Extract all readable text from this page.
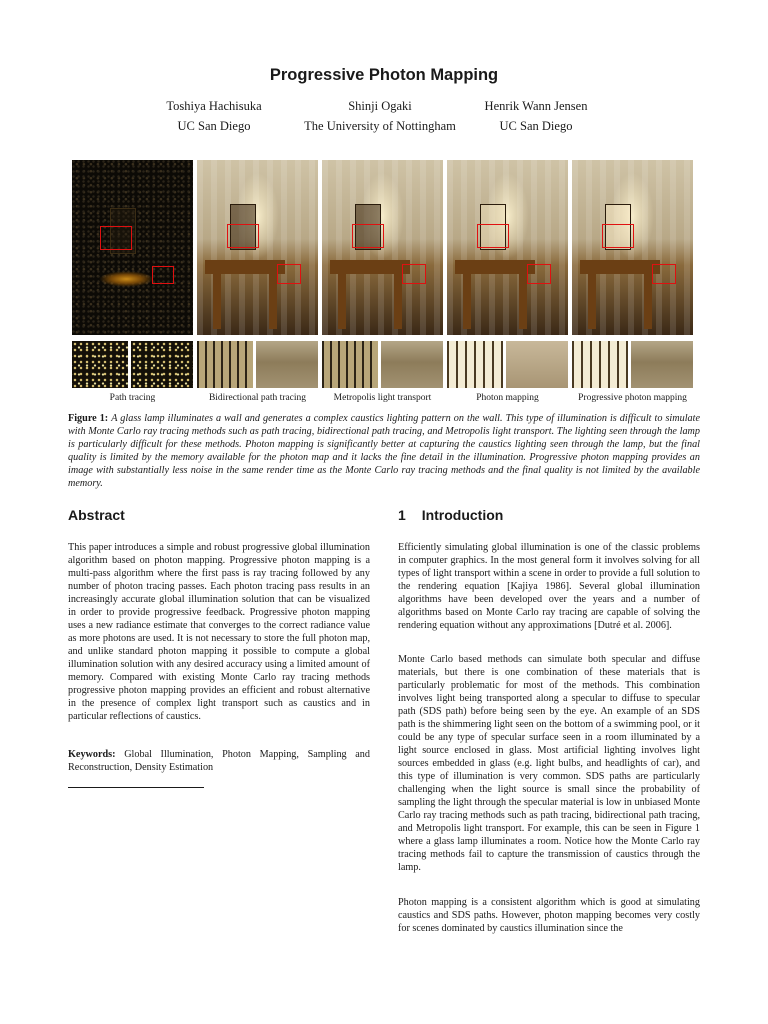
Progressive Photon Mapping
Toshiya Hachisuka
UC San Diego
Shinji Ogaki
The University of Nottingham
Henrik Wann Jensen
UC San Diego
Path tracing	Bidirectional path tracing	Metropolis light transport	Photon mapping	Progressive photon mapping
Figure 1: A glass lamp illuminates a wall and generates a complex caustics lighting pattern on the wall. This type of illumination is difficult to simulate with Monte Carlo ray tracing methods such as path tracing, bidirectional path tracing, and Metropolis light transport. The lighting seen through the lamp is particularly difficult for these methods. Photon mapping is significantly better at capturing the caustics lighting seen through the lamp, but the final quality is limited by the memory available for the photon map and it lacks the fine detail in the illumination. Progressive photon mapping provides an image with substantially less noise in the same render time as the Monte Carlo ray tracing methods and the final quality is not limited by the available memory.
Abstract
This paper introduces a simple and robust progressive global illumination algorithm based on photon mapping. Progressive photon mapping is a multi-pass algorithm where the first pass is ray tracing followed by any number of photon tracing passes. Each photon tracing pass results in an increasingly accurate global illumination solution that can be visualized in order to provide progressive feedback. Progressive photon mapping uses a new radiance estimate that converges to the correct radiance value as more photons are used. It is not necessary to store the full photon map, and unlike standard photon mapping it possible to compute a global illumination solution with any desired accuracy using a limited amount of memory. Compared with existing Monte Carlo ray tracing methods progressive photon mapping provides an efficient and robust alternative in the presence of complex light transport such as caustics and in particular reflections of caustics.
Keywords: Global Illumination, Photon Mapping, Sampling and Reconstruction, Density Estimation
1 Introduction
Efficiently simulating global illumination is one of the classic problems in computer graphics. In the most general form it involves solving for all types of light transport within a scene in order to provide a full solution to the rendering equation [Kajiya 1986]. Several global illumination algorithms have been developed over the years and a number of algorithms based on Monte Carlo ray tracing are capable of solving the rendering equation without any approximations [Dutré et al. 2006].
Monte Carlo based methods can simulate both specular and diffuse materials, but there is one combination of these materials that is particularly problematic for most of the methods. This combination involves light being transported along a specular to diffuse to specular path (SDS path) before being seen by the eye. An example of an SDS path is the shimmering light seen on the bottom of a swimming pool, or it could be any type of specular surface seen in a room illuminated by a light source enclosed in glass. Most artificial lighting involves light sources embedded in glass (e.g. light bulbs, and headlights of car), and this type of illumination is very common. SDS paths are particularly challenging when the light source is small since the probability of sampling the light through the specular material is low in unbiased Monte Carlo ray tracing methods such as path tracing, bidirectional path tracing, and Metropolis light transport. For example, this can be seen in Figure 1 where a glass lamp illuminates a room. Notice how the Monte Carlo ray tracing methods fail to capture the transmission of caustics through the lamp.
Photon mapping is a consistent algorithm which is good at simulating caustics and SDS paths. However, photon mapping becomes very costly for scenes dominated by caustics illumination since the
